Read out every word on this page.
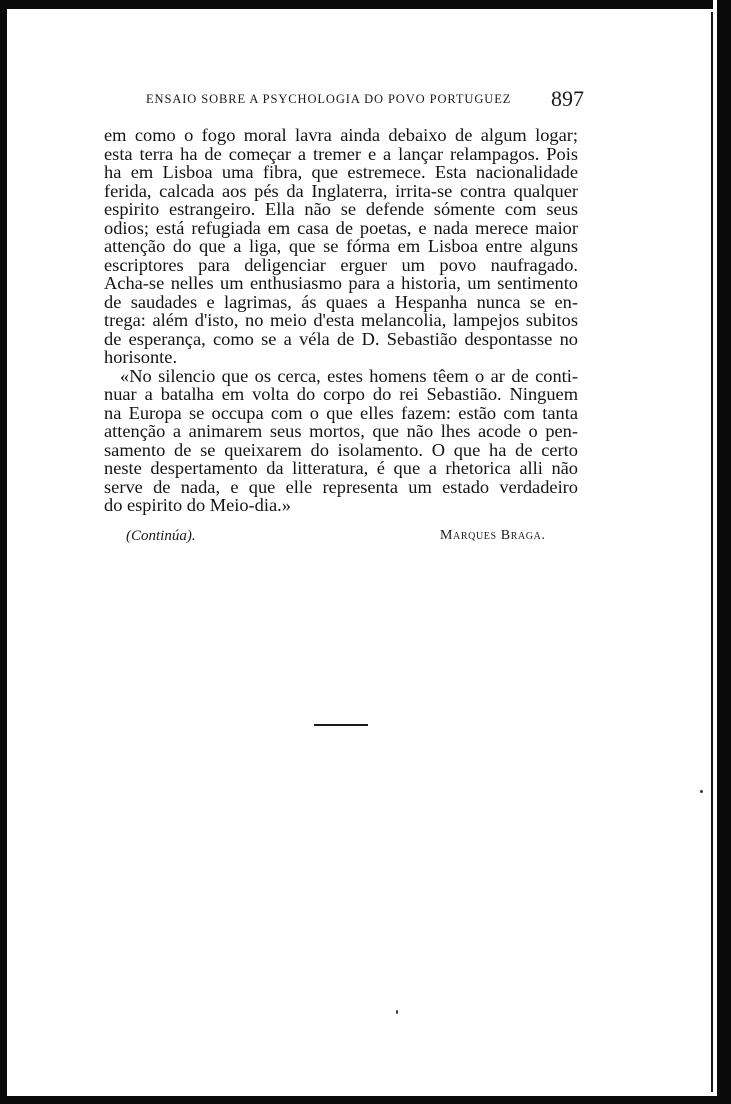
ENSAIO SOBRE A PSYCHOLOGIA DO POVO PORTUGUEZ 897

em como o fogo moral lavra ainda debaixo de algum logar;
esta terra ha de começar a tremer e a lançar relampagos. Pois
ha em Lisboa uma fibra, que estremece. Esta nacionalidade
ferida, calcada aos pés da Inglaterra, irrita-se contra qualquer
espirito estrangeiro. Ella não se defende sómente com seus
odios; está refugiada em casa de poetas, e nada merece maior
attenção do que a liga, que se fórma em Lisboa entre alguns
escriptores para deligenciar erguer um povo naufragado.
Acha-se nelles um enthusiasmo para a historia, um sentimento
de saudades e lagrimas, ás quaes a Hespanha nunca se en-
trega: além d'isto, no meio d'esta melancolia, lampejos subitos
de esperança, como se a véla de D. Sebastião despontasse no
horisonte.

«No silencio que os cerca, estes homens têem o ar de conti-
nuar a batalha em volta do corpo do rei Sebastião. Ninguem
na Europa se occupa com o que elles fazem: estão com tanta
attenção a animarem seus mortos, que não lhes acode o pen-
samento de se queixarem do isolamento. O que ha de certo
neste despertamento da litteratura, é que a rhetorica alli não
serve de nada, e que elle representa um estado verdadeiro
do espirito do Meio-dia.»

(Continúa).	Marques Braga.
